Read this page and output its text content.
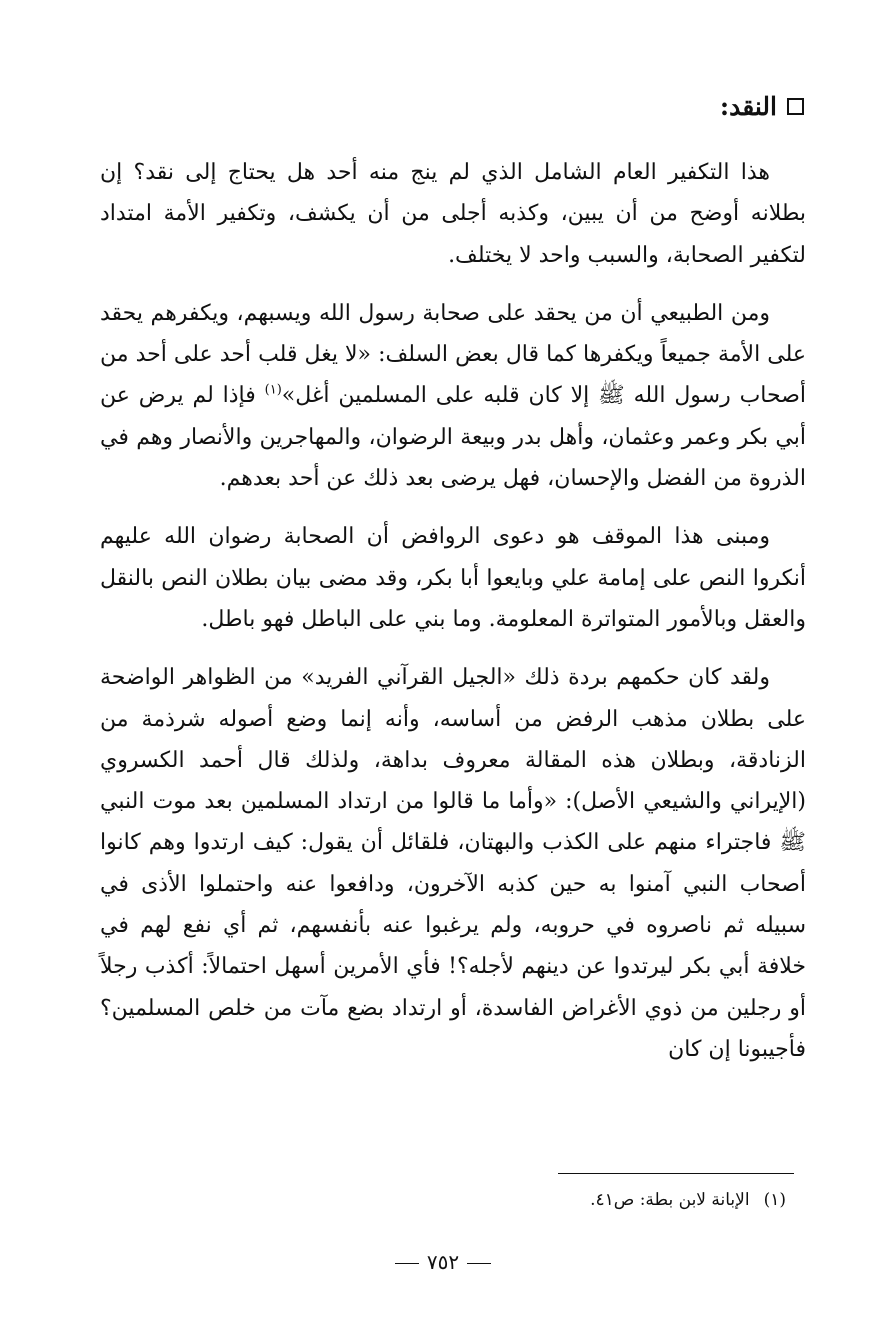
النقد:

هذا التكفير العام الشامل الذي لم ينج منه أحد هل يحتاج إلى نقد؟ إن بطلانه أوضح من أن يبين، وكذبه أجلى من أن يكشف، وتكفير الأمة امتداد لتكفير الصحابة، والسبب واحد لا يختلف.

ومن الطبيعي أن من يحقد على صحابة رسول الله ويسبهم، ويكفرهم يحقد على الأمة جميعاً ويكفرها كما قال بعض السلف: «لا يغل قلب أحد على أحد من أصحاب رسول الله ﷺ إلا كان قلبه على المسلمين أغل»$^{(١)}$ فإذا لم يرض عن أبي بكر وعمر وعثمان، وأهل بدر وبيعة الرضوان، والمهاجرين والأنصار وهم في الذروة من الفضل والإحسان، فهل يرضى بعد ذلك عن أحد بعدهم.

ومبنى هذا الموقف هو دعوى الروافض أن الصحابة رضوان الله عليهم أنكروا النص على إمامة علي وبايعوا أبا بكر، وقد مضى بيان بطلان النص بالنقل والعقل وبالأمور المتواترة المعلومة. وما بني على الباطل فهو باطل.

ولقد كان حكمهم بردة ذلك «الجيل القرآني الفريد» من الظواهر الواضحة على بطلان مذهب الرفض من أساسه، وأنه إنما وضع أصوله شرذمة من الزنادقة، وبطلان هذه المقالة معروف بداهة، ولذلك قال أحمد الكسروي (الإيراني والشيعي الأصل): «وأما ما قالوا من ارتداد المسلمين بعد موت النبي ﷺ فاجتراء منهم على الكذب والبهتان، فلقائل أن يقول: كيف ارتدوا وهم كانوا أصحاب النبي آمنوا به حين كذبه الآخرون، ودافعوا عنه واحتملوا الأذى في سبيله ثم ناصروه في حروبه، ولم يرغبوا عنه بأنفسهم، ثم أي نفع لهم في خلافة أبي بكر ليرتدوا عن دينهم لأجله؟! فأي الأمرين أسهل احتمالاً: أكذب رجلاً أو رجلين من ذوي الأغراض الفاسدة، أو ارتداد بضع مآت من خلص المسلمين؟ فأجيبونا إن كان

(١)
الإبانة لابن بطة: ص٤١.
٧٥٢
